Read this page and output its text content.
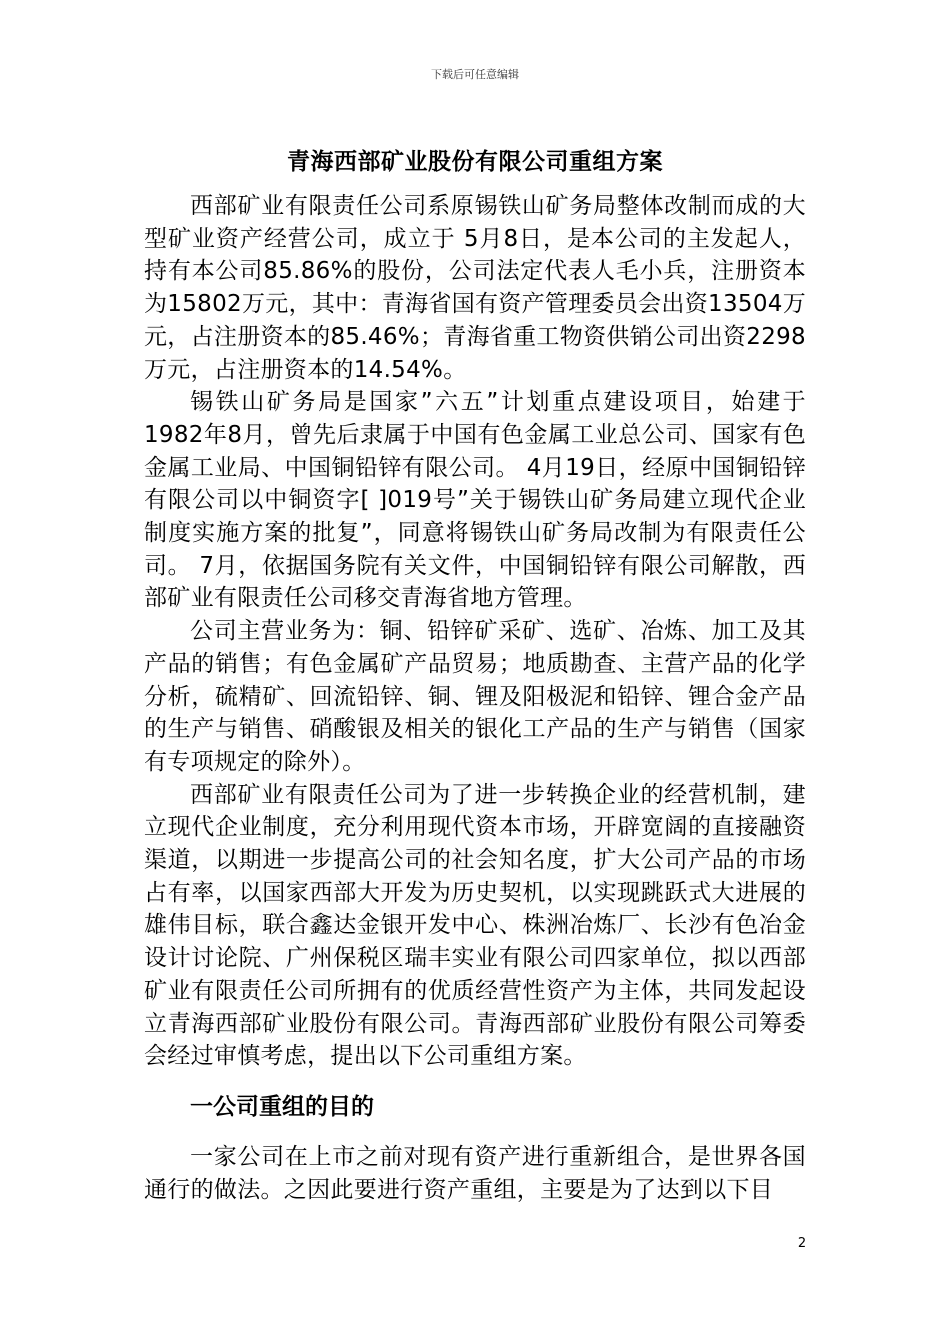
下载后可任意编辑
青海西部矿业股份有限公司重组方案

西部矿业有限责任公司系原锡铁山矿务局整体改制而成的大型矿业资产经营公司，成立于 5月8日，是本公司的主发起人，持有本公司85.86%的股份，公司法定代表人毛小兵，注册资本为15802万元，其中：青海省国有资产管理委员会出资13504万元，占注册资本的85.46%；青海省重工物资供销公司出资2298万元，占注册资本的14.54%。

锡铁山矿务局是国家”六五”计划重点建设项目，始建于1982年8月，曾先后隶属于中国有色金属工业总公司、国家有色金属工业局、中国铜铅锌有限公司。 4月19日，经原中国铜铅锌有限公司以中铜资字[ ]019号”关于锡铁山矿务局建立现代企业制度实施方案的批复”，同意将锡铁山矿务局改制为有限责任公司。 7月，依据国务院有关文件，中国铜铅锌有限公司解散，西部矿业有限责任公司移交青海省地方管理。

公司主营业务为：铜、铅锌矿采矿、选矿、冶炼、加工及其产品的销售；有色金属矿产品贸易；地质勘查、主营产品的化学分析，硫精矿、回流铅锌、铜、锂及阳极泥和铅锌、锂合金产品的生产与销售、硝酸银及相关的银化工产品的生产与销售（国家有专项规定的除外）。

西部矿业有限责任公司为了进一步转换企业的经营机制，建立现代企业制度，充分利用现代资本市场，开辟宽阔的直接融资渠道，以期进一步提高公司的社会知名度，扩大公司产品的市场占有率，以国家西部大开发为历史契机，以实现跳跃式大进展的雄伟目标，联合鑫达金银开发中心、株洲冶炼厂、长沙有色冶金设计讨论院、广州保税区瑞丰实业有限公司四家单位，拟以西部矿业有限责任公司所拥有的优质经营性资产为主体，共同发起设立青海西部矿业股份有限公司。青海西部矿业股份有限公司筹委会经过审慎考虑，提出以下公司重组方案。

一公司重组的目的

一家公司在上市之前对现有资产进行重新组合，是世界各国通行的做法。之因此要进行资产重组，主要是为了达到以下目

2
